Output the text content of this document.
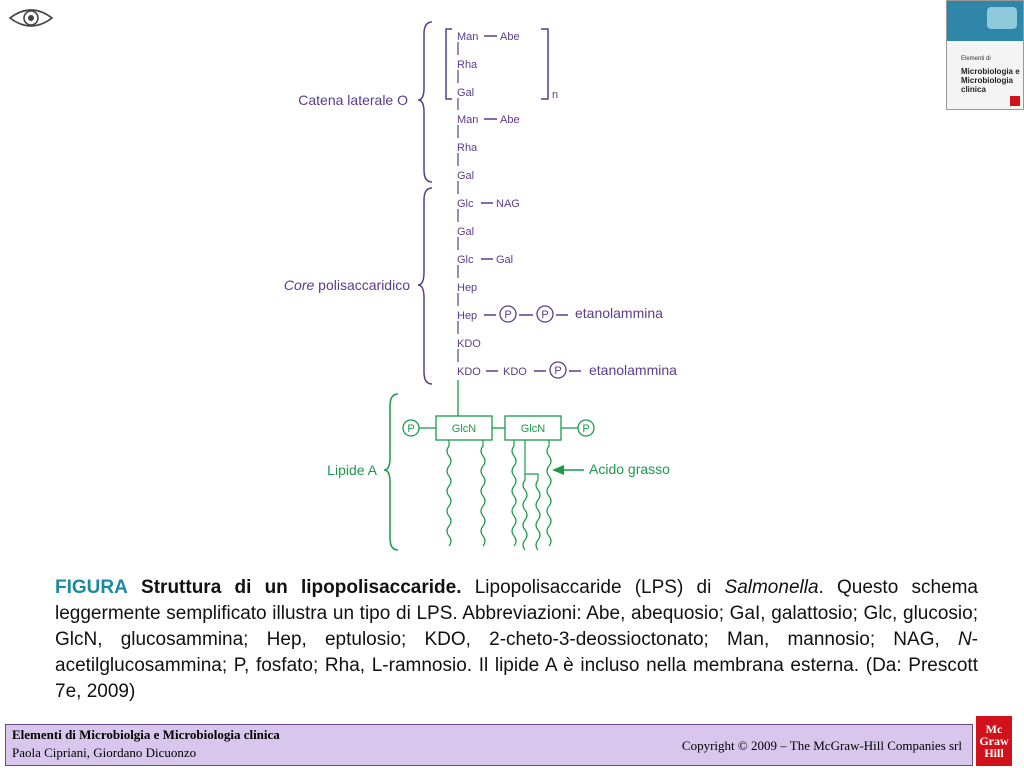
Catena laterale O
Core polisaccaridico
Lipide A
n
Man
Rha
Gal
Man
Rha
Gal
Glc
Gal
Glc
Hep
Hep
KDO
KDO
Abe
Abe
NAG
Gal
KDO
P	P
P
etanolammina
etanolammina
GlcN	GlcN
P	P
Acido grasso
Elementi di
Microbiologia e Microbiologia clinica
FIGURA Struttura di un lipopolisaccaride. Lipopolisaccaride (LPS) di Salmonella. Questo schema leggermente semplificato illustra un tipo di LPS. Abbreviazioni: Abe, abequosio; GaI, galattosio; Glc, glucosio; GlcN, glucosammina; Hep, eptulosio; KDO, 2-cheto-3-deossioctonato; Man, mannosio; NAG, N-acetilglucosammina; P, fosfato; Rha, L-ramnosio. Il lipide A è incluso nella membrana esterna. (Da: Prescott 7e, 2009)
Elementi di Microbiolgia e Microbiologia clinica
Paola Cipriani, Giordano Dicuonzo	Copyright © 2009 – The McGraw-Hill Companies srl
Mc
Graw
Hill
